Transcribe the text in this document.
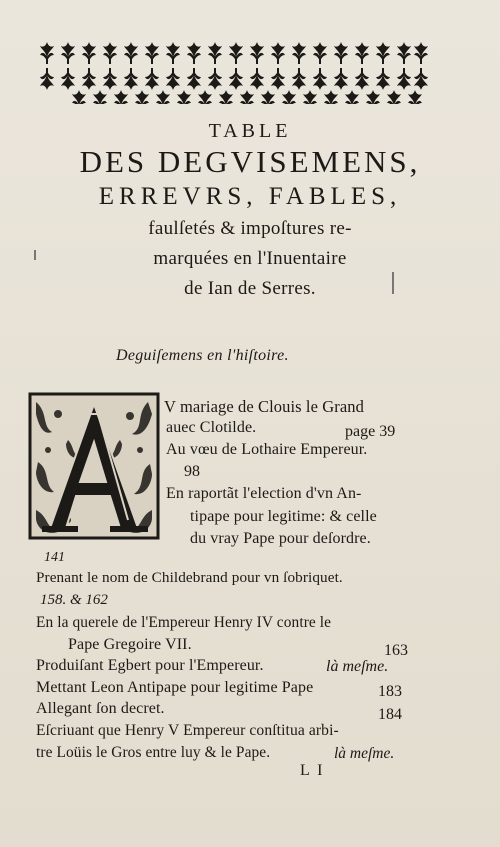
TABLE
DES DEGVISEMENS,
ERREVRS, FABLES,
faulſetés & impoſtures re-
marquées en l'Inuentaire
de Ian de Serres.
Deguiſemens en l'hiſtoire.
V mariage de Clouis le Grand
auec Clotilde.	page 39
Au vœu de Lothaire Empereur.
98
En raportãt l'election d'vn An-
tipape pour legitime: & celle
du vray Pape pour deſordre.
141
Prenant le nom de Childebrand pour vn ſobriquet.
158. & 162
En la querele de l'Empereur Henry IV contre le
Pape Gregoire VII.	163
Produiſant Egbert pour l'Empereur.	là meſme.
Mettant Leon Antipape pour legitime Pape	183
Allegant ſon decret.	184
Eſcriuant que Henry V Empereur conſtitua arbi-
tre Loüis le Gros entre luy & le Pape.	là meſme.
L I
